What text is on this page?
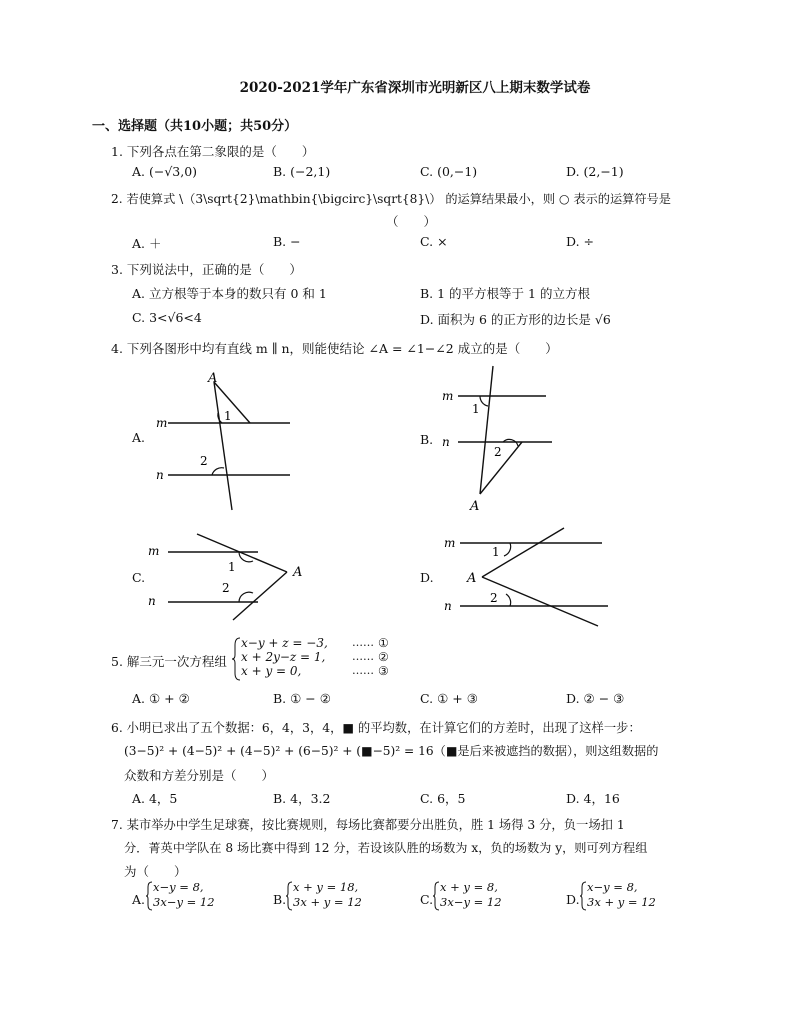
2020-2021学年广东省深圳市光明新区八上期末数学试卷
一、选择题（共10小题；共50分）
1. 下列各点在第二象限的是（　　）
A. (−√3,0)	B. (−2,1)	C. (0,−1)	D. (2,−1)
2. 若使算式 \（3\sqrt{2}\mathbin{\bigcirc}\sqrt{8}\） 的运算结果最小，则 ○ 表示的运算符号是
（　　）
A. ＋	B. −	C. ×	D. ÷
3. 下列说法中，正确的是（　　）
A. 立方根等于本身的数只有 0 和 1	B. 1 的平方根等于 1 的立方根
C. 3<√6<4	D. 面积为 6 的正方形的边长是 √6
4. 下列各图形中均有直线 m ∥ n，则能使结论 ∠A = ∠1−∠2 成立的是（　　）
A.	B.
C.	D.
m
n
A
1
2
m
n
A
1
2
m
n
A
1
2
m
n
A
1
2
5. 解三元一次方程组
x−y + z = −3,
x + 2y−z = 1,
x + y = 0,
……
……
……
①
②
③
A. ① + ②	B. ① − ②	C. ① + ③	D. ② − ③
6. 小明已求出了五个数据：6，4，3，4，■ 的平均数，在计算它们的方差时，出现了这样一步：
(3−5)² + (4−5)² + (4−5)² + (6−5)² + (■−5)² = 16（■是后来被遮挡的数据），则这组数据的
众数和方差分别是（　　）
A. 4，5	B. 4，3.2	C. 6，5	D. 4，16
7. 某市举办中学生足球赛，按比赛规则，每场比赛都要分出胜负，胜 1 场得 3 分，负一场扣 1
分．菁英中学队在 8 场比赛中得到 12 分，若设该队胜的场数为 x，负的场数为 y，则可列方程组
为（　　）
A.
x−y = 8,
3x−y = 12	B.
x + y = 18,
3x + y = 12	C.
x + y = 8,
3x−y = 12	D.
x−y = 8,
3x + y = 12
